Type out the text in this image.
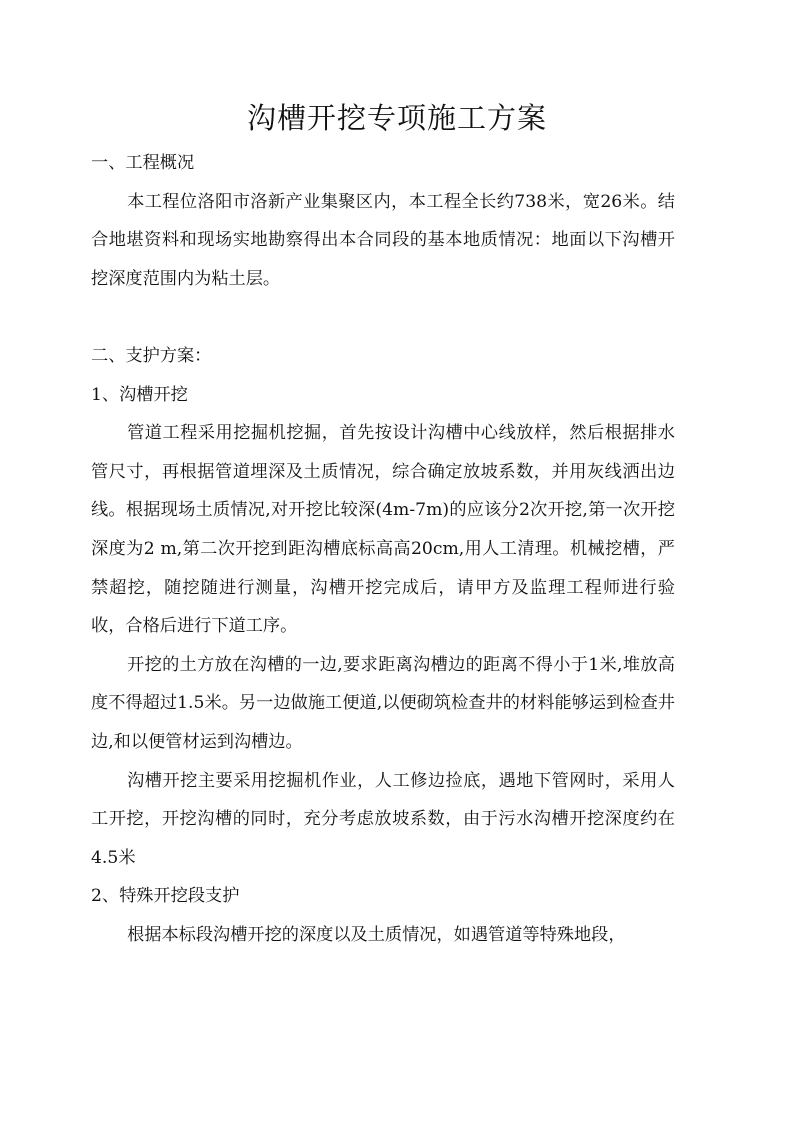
沟槽开挖专项施工方案

一、工程概况

本工程位洛阳市洛新产业集聚区内，本工程全长约738米，宽26米。结合地堪资料和现场实地勘察得出本合同段的基本地质情况：地面以下沟槽开挖深度范围内为粘土层。

二、支护方案：

1、沟槽开挖

管道工程采用挖掘机挖掘，首先按设计沟槽中心线放样，然后根据排水管尺寸，再根据管道埋深及土质情况，综合确定放坡系数，并用灰线洒出边线。根据现场土质情况,对开挖比较深(4m-7m)的应该分2次开挖,第一次开挖深度为2 m,第二次开挖到距沟槽底标高高20cm,用人工清理。机械挖槽，严禁超挖，随挖随进行测量，沟槽开挖完成后，请甲方及监理工程师进行验收，合格后进行下道工序。

开挖的土方放在沟槽的一边,要求距离沟槽边的距离不得小于1米,堆放高度不得超过1.5米。另一边做施工便道,以便砌筑检查井的材料能够运到检查井边,和以便管材运到沟槽边。

沟槽开挖主要采用挖掘机作业，人工修边捡底，遇地下管网时，采用人工开挖，开挖沟槽的同时，充分考虑放坡系数，由于污水沟槽开挖深度约在4.5米

2、特殊开挖段支护

根据本标段沟槽开挖的深度以及土质情况，如遇管道等特殊地段，
